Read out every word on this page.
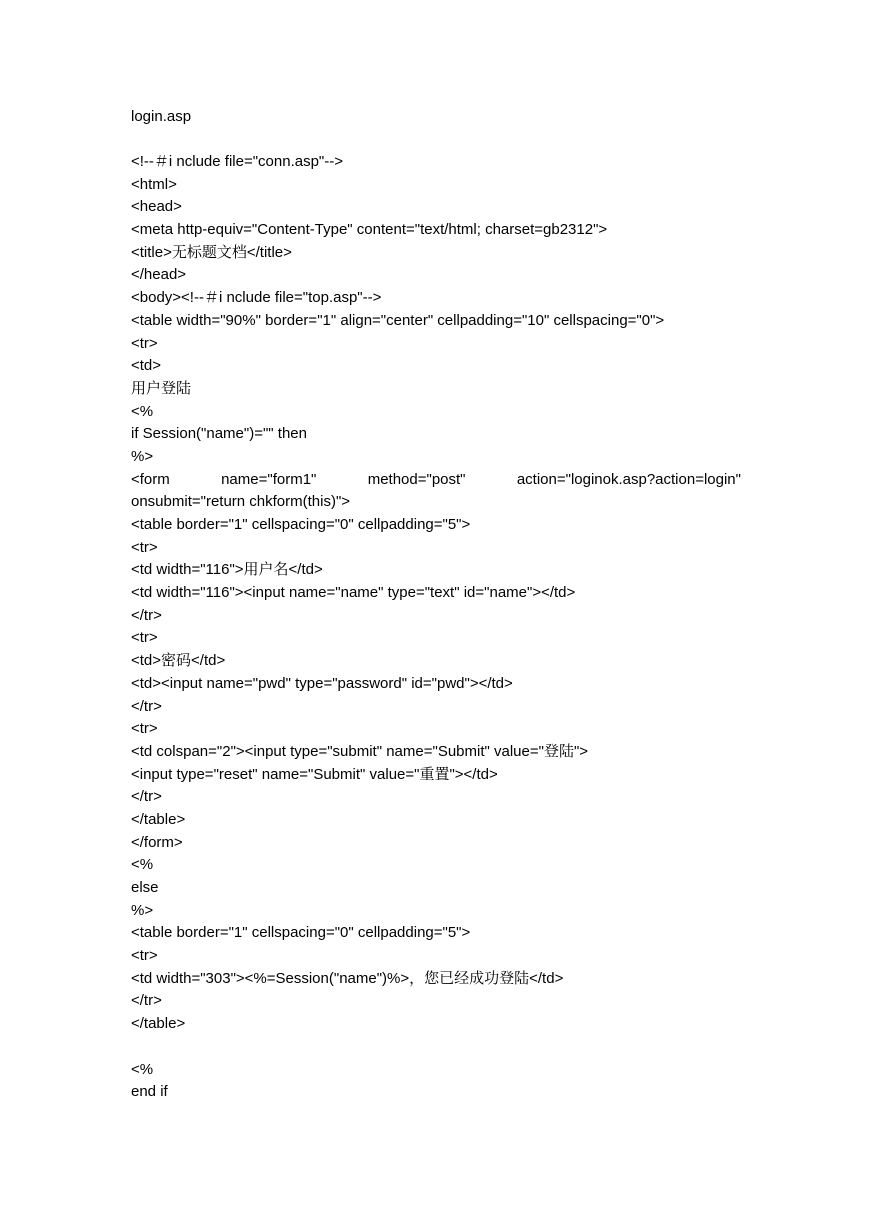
login.asp
<!--＃i nclude file="conn.asp"-->
<html>
<head>
<meta http-equiv="Content-Type" content="text/html; charset=gb2312">
<title>无标题文档</title>
</head>
<body><!--＃i nclude file="top.asp"-->
<table width="90%" border="1" align="center" cellpadding="10" cellspacing="0">
<tr>
<td>
用户登陆
<%
if Session("name")="" then
%>
<form	name="form1"	method="post"	action="loginok.asp?action=login"
onsubmit="return chkform(this)">
<table border="1" cellspacing="0" cellpadding="5">
<tr>
<td width="116">用户名</td>
<td width="116"><input name="name" type="text" id="name"></td>
</tr>
<tr>
<td>密码</td>
<td><input name="pwd" type="password" id="pwd"></td>
</tr>
<tr>
<td colspan="2"><input type="submit" name="Submit" value="登陆">
<input type="reset" name="Submit" value="重置"></td>
</tr>
</table>
</form>
<%
else
%>
<table border="1" cellspacing="0" cellpadding="5">
<tr>
<td width="303"><%=Session("name")%>，您已经成功登陆</td>
</tr>
</table>
<%
end if
